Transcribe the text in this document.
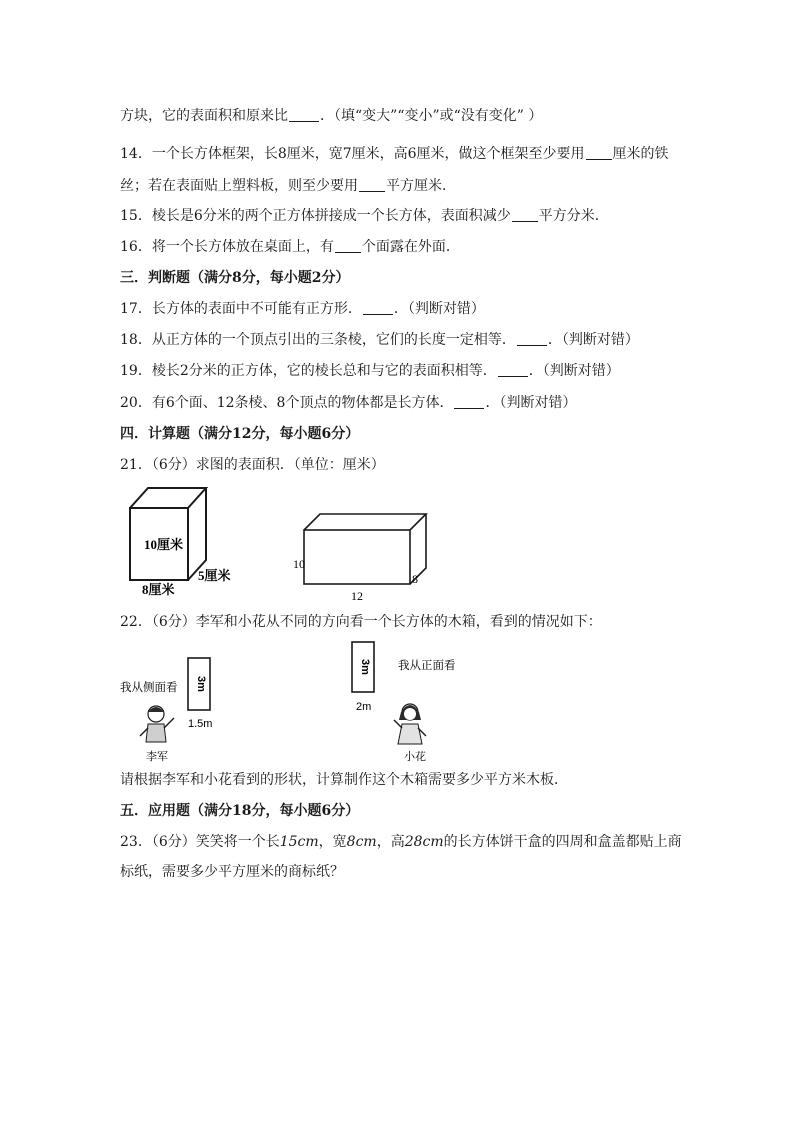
方块，它的表面积和原来比 ．（填“变大”“变小”或“没有变化” ）
14．一个长方体框架，长8厘米，宽7厘米，高6厘米，做这个框架至少要用 厘米的铁
丝；若在表面贴上塑料板，则至少要用 平方厘米．
15．棱长是6分米的两个正方体拼接成一个长方体，表面积减少 平方分米．
16．将一个长方体放在桌面上，有 个面露在外面．
三．判断题（满分8分，每小题2分）
17．长方体的表面中不可能有正方形． ．（判断对错）
18．从正方体的一个顶点引出的三条棱，它们的长度一定相等． ．（判断对错）
19．棱长2分米的正方体，它的棱长总和与它的表面积相等． ．（判断对错）
20．有6个面、12条棱、8个顶点的物体都是长方体． ．（判断对错）
四．计算题（满分12分，每小题6分）
21．（6分）求图的表面积．（单位：厘米）
10厘米
8厘米
5厘米
10
12
8
22．（6分）李军和小花从不同的方向看一个长方体的木箱，看到的情况如下：
我从侧面看 3m
1.5m
李军
3m
2m
我从正面看
小花
请根据李军和小花看到的形状，计算制作这个木箱需要多少平方米木板．
五．应用题（满分18分，每小题6分）
23．（6分）笑笑将一个长15cm，宽8cm，高28cm的长方体饼干盒的四周和盒盖都贴上商
标纸，需要多少平方厘米的商标纸？
